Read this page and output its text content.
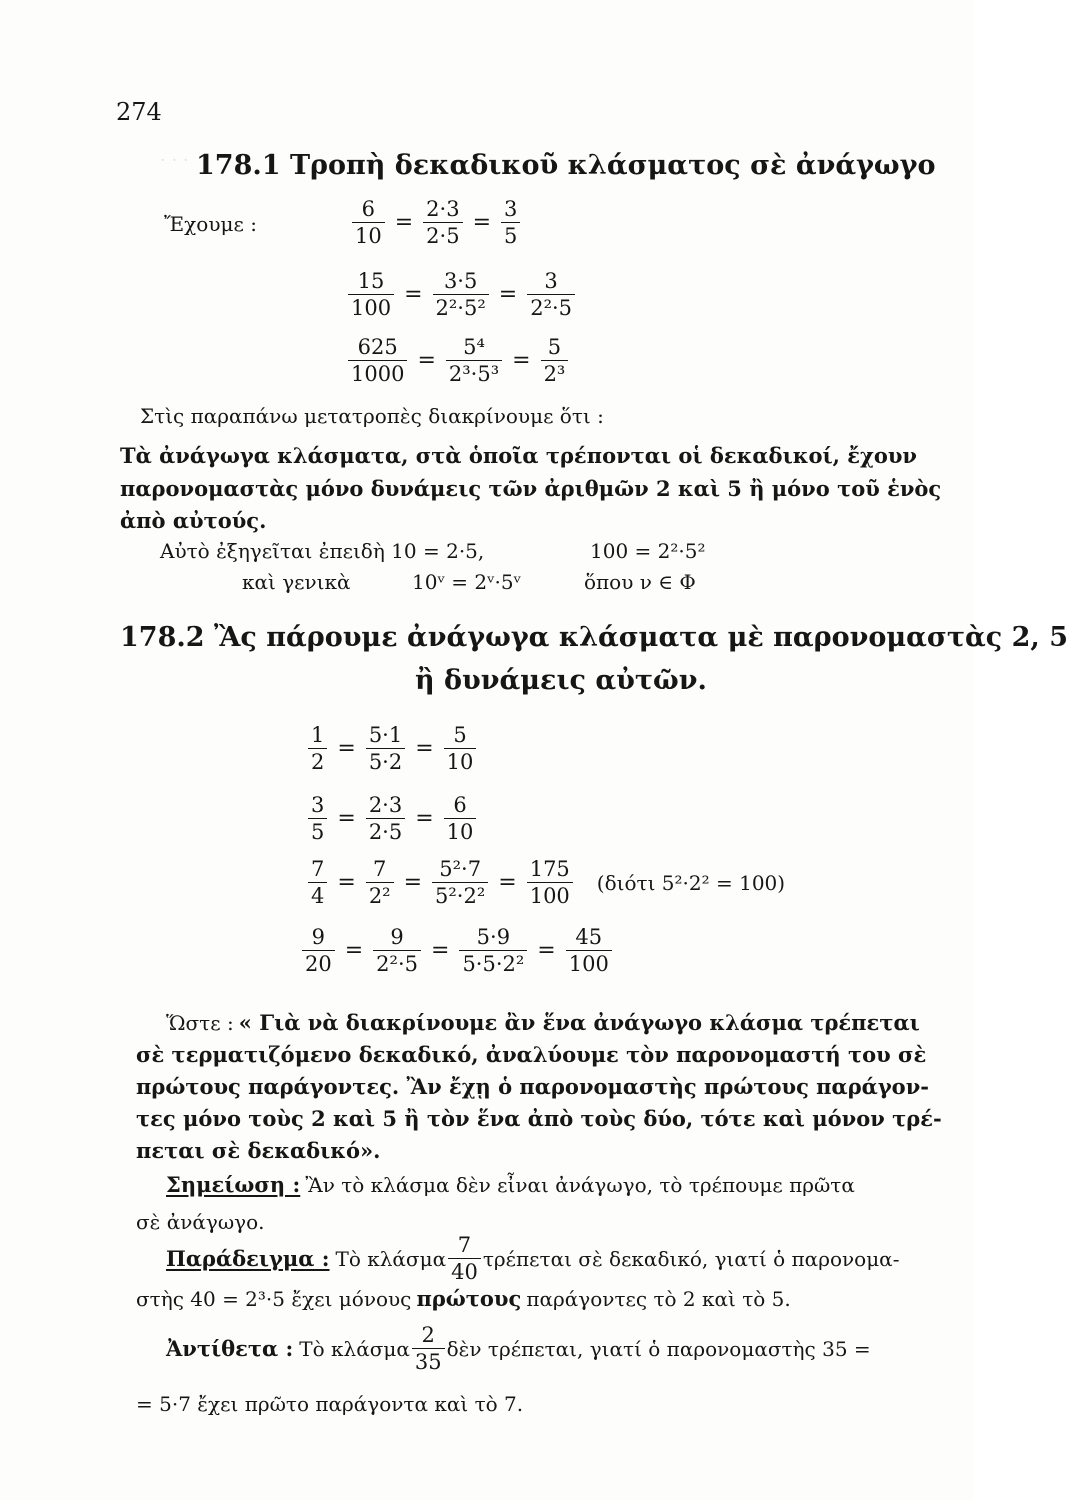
· · ·
274
178.1 Τροπὴ δεκαδικοῦ κλάσματος σὲ ἀνάγωγο
Ἔχουμε :	$\frac{6}{10} = \frac{2\cdot 3}{2\cdot 5} = \frac{3}{5}$
$\frac{15}{100} = \frac{3\cdot 5}{\text{2²·5²}} = \frac{3}{\text{2²·5}}$
$\frac{625}{1000} = \frac{\text{5⁴}}{\text{2³·5³}} = \frac{5}{\text{2³}}$
Στὶς παραπάνω μετατροπὲς διακρίνουμε ὅτι :
Τὰ ἀνάγωγα κλάσματα, στὰ ὁποῖα τρέπονται οἱ δεκαδικοί, ἔχουν
παρονομαστὰς μόνο δυνάμεις τῶν ἀριθμῶν 2 καὶ 5 ἢ μόνο τοῦ ἑνὸς
ἀπὸ αὐτούς.
Αὐτὸ ἐξηγεῖται ἐπειδὴ 10 = 2·5,	100 = 2²·5²
καὶ γενικὰ	10ᵛ = 2ᵛ·5ᵛ	ὅπου ν ∈ Φ
178.2 Ἂς πάρουμε ἀνάγωγα κλάσματα μὲ παρονομαστὰς 2, 5
ἢ δυνάμεις αὐτῶν.
$\frac{1}{2} = \frac{5\cdot 1}{5\cdot 2} = \frac{5}{10}$
$\frac{3}{5} = \frac{2\cdot 3}{2\cdot 5} = \frac{6}{10}$
$\frac{7}{4} = \frac{7}{\text{2²}} = \frac{\text{5²·7}}{\text{5²·2²}} = \frac{175}{100} (\delta\iota ό\tau\iota$ 5²·2² = 100)
$\frac{9}{20} = \frac{9}{\text{2²·5}} = \frac{5\cdot 9}{\text{5·5·2²}} = \frac{45}{100}$
Ὥστε : « Γιὰ νὰ διακρίνουμε ἂν ἕνα ἀνάγωγο κλάσμα τρέπεται
σὲ τερματιζόμενο δεκαδικό, ἀναλύουμε τὸν παρονομαστή του σὲ
πρώτους παράγοντες. Ἂν ἔχῃ ὁ παρονομαστὴς πρώτους παράγον-
τες μόνο τοὺς 2 καὶ 5 ἢ τὸν ἕνα ἀπὸ τοὺς δύο, τότε καὶ μόνον τρέ-
πεται σὲ δεκαδικό».
Σημείωση : Ἂν τὸ κλάσμα δὲν εἶναι ἀνάγωγο, τὸ τρέπουμε πρῶτα
σὲ ἀνάγωγο.
Παράδειγμα : Τὸ κλάσμα $\frac{7}{40}$ τρέπεται σὲ δεκαδικό, γιατί ὁ παρονομα-
στὴς 40 = 2³·5 ἔχει μόνους πρώτους παράγοντες τὸ 2 καὶ τὸ 5.
Ἀντίθετα : Τὸ κλάσμα $\frac{2}{35}$ δὲν τρέπεται, γιατί ὁ παρονομαστὴς 35 =
= 5·7 ἔχει πρῶτο παράγοντα καὶ τὸ 7.
